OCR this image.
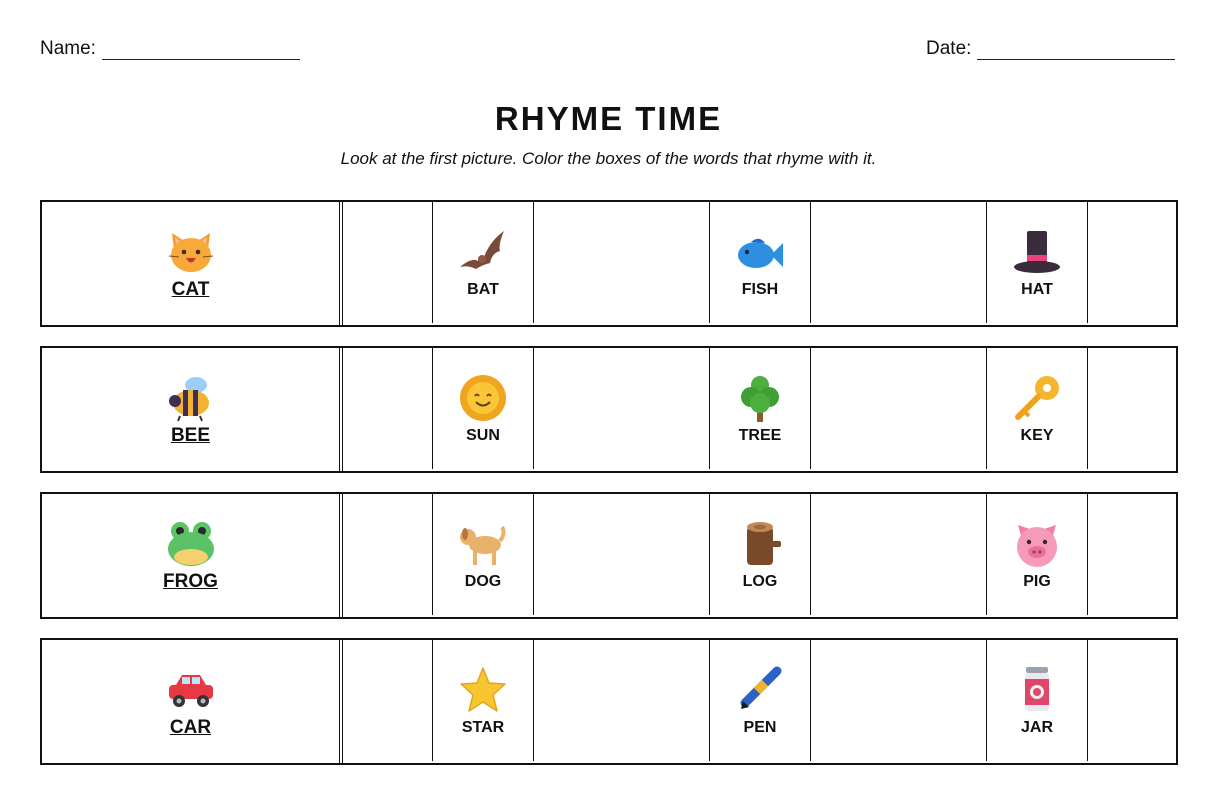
Name:	Date:
RHYME TIME
Look at the first picture. Color the boxes of the words that rhyme with it.
CAT	BAT	FISH	HAT
BEE	SUN	TREE	KEY
FROG	DOG	LOG	PIG
CAR	STAR	PEN	JAR
